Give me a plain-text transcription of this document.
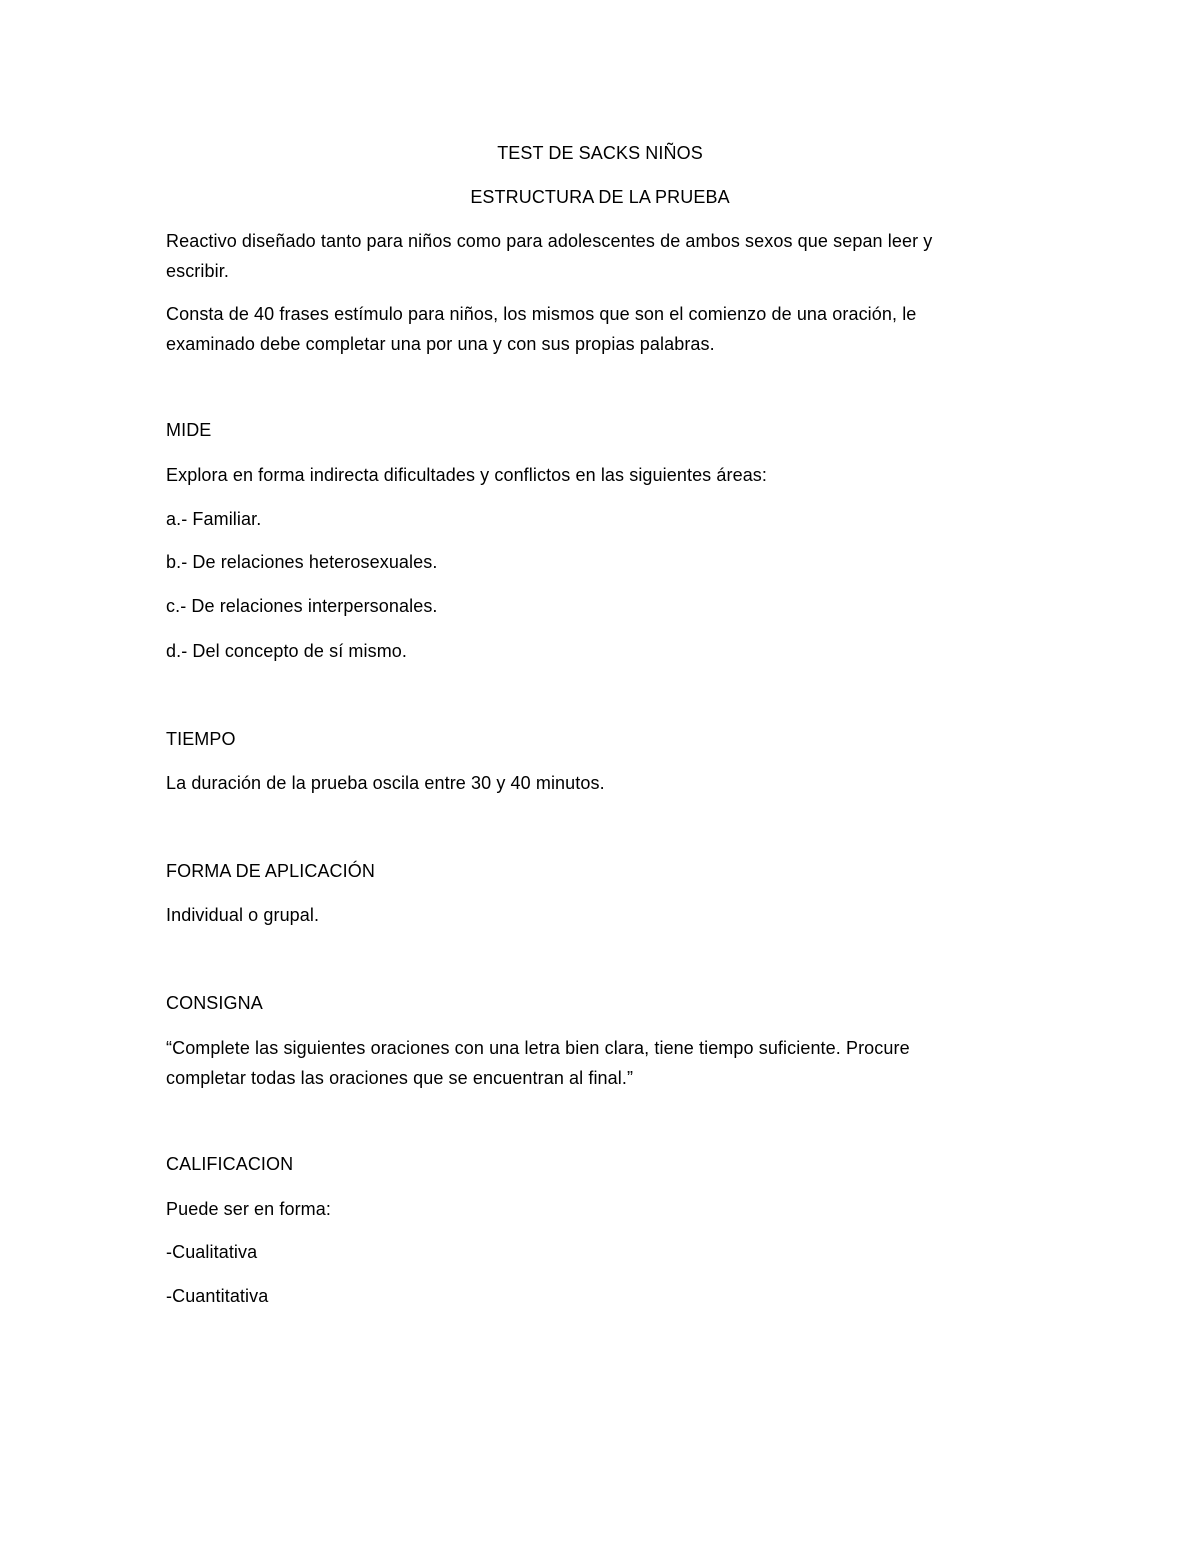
TEST DE SACKS NIÑOS
ESTRUCTURA DE LA PRUEBA
Reactivo diseñado tanto para niños como para adolescentes de ambos sexos que sepan leer y
escribir.
Consta de 40 frases estímulo para niños, los mismos que son el comienzo de una oración, le
examinado debe completar una por una y con sus propias palabras.
MIDE
Explora en forma indirecta dificultades y conflictos en las siguientes áreas:
a.- Familiar.
b.- De relaciones heterosexuales.
c.- De relaciones interpersonales.
d.- Del concepto de sí mismo.
TIEMPO
La duración de la prueba oscila entre 30 y 40 minutos.
FORMA DE APLICACIÓN
Individual o grupal.
CONSIGNA
“Complete las siguientes oraciones con una letra bien clara, tiene tiempo suficiente. Procure
completar todas las oraciones que se encuentran al final.”
CALIFICACION
Puede ser en forma:
-Cualitativa
-Cuantitativa
